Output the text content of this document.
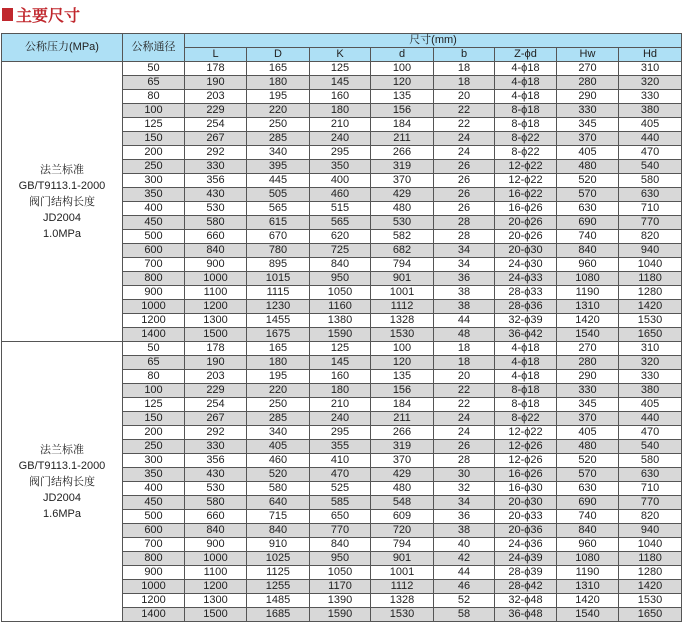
主要尺寸
公称压力(MPa)	公称通径	尺寸(mm)							
		L	D	K	d	b	Z-ϕd	Hw	Hd

法兰标准
GB/T9113.1-2000
阀门结构长度
JD2004
1.0MPa	50	178	165	125	100	18	4-ϕ18	270	310
	65	190	180	145	120	18	4-ϕ18	280	320
	80	203	195	160	135	20	4-ϕ18	290	330
	100	229	220	180	156	22	8-ϕ18	330	380
	125	254	250	210	184	22	8-ϕ18	345	405
	150	267	285	240	211	24	8-ϕ22	370	440
	200	292	340	295	266	24	8-ϕ22	405	470
	250	330	395	350	319	26	12-ϕ22	480	540
	300	356	445	400	370	26	12-ϕ22	520	580
	350	430	505	460	429	26	16-ϕ22	570	630
	400	530	565	515	480	26	16-ϕ26	630	710
	450	580	615	565	530	28	20-ϕ26	690	770
	500	660	670	620	582	28	20-ϕ26	740	820
	600	840	780	725	682	34	20-ϕ30	840	940
	700	900	895	840	794	34	24-ϕ30	960	1040
	800	1000	1015	950	901	36	24-ϕ33	1080	1180
	900	1100	1115	1050	1001	38	28-ϕ33	1190	1280
	1000	1200	1230	1160	1112	38	28-ϕ36	1310	1420
	1200	1300	1455	1380	1328	44	32-ϕ39	1420	1530
	1400	1500	1675	1590	1530	48	36-ϕ42	1540	1650

法兰标准
GB/T9113.1-2000
阀门结构长度
JD2004
1.6MPa	50	178	165	125	100	18	4-ϕ18	270	310
	65	190	180	145	120	18	4-ϕ18	280	320
	80	203	195	160	135	20	4-ϕ18	290	330
	100	229	220	180	156	22	8-ϕ18	330	380
	125	254	250	210	184	22	8-ϕ18	345	405
	150	267	285	240	211	24	8-ϕ22	370	440
	200	292	340	295	266	24	12-ϕ22	405	470
	250	330	405	355	319	26	12-ϕ26	480	540
	300	356	460	410	370	28	12-ϕ26	520	580
	350	430	520	470	429	30	16-ϕ26	570	630
	400	530	580	525	480	32	16-ϕ30	630	710
	450	580	640	585	548	34	20-ϕ30	690	770
	500	660	715	650	609	36	20-ϕ33	740	820
	600	840	840	770	720	38	20-ϕ36	840	940
	700	900	910	840	794	40	24-ϕ36	960	1040
	800	1000	1025	950	901	42	24-ϕ39	1080	1180
	900	1100	1125	1050	1001	44	28-ϕ39	1190	1280
	1000	1200	1255	1170	1112	46	28-ϕ42	1310	1420
	1200	1300	1485	1390	1328	52	32-ϕ48	1420	1530
	1400	1500	1685	1590	1530	58	36-ϕ48	1540	1650
